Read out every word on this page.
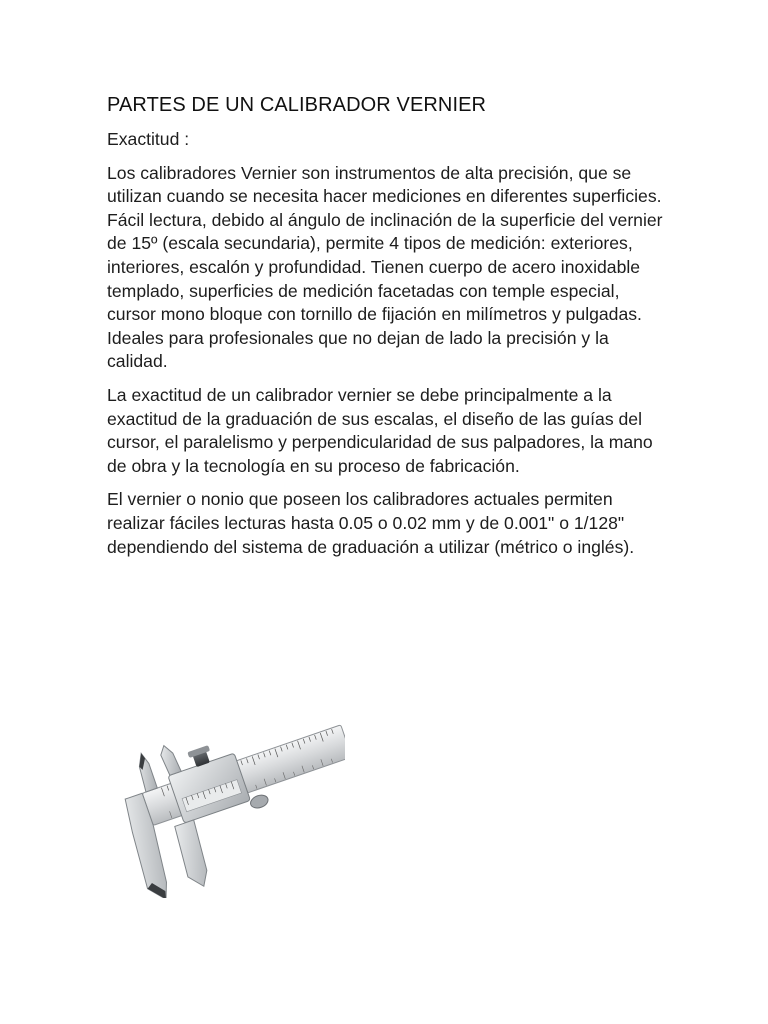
PARTES DE UN CALIBRADOR VERNIER

Exactitud :

Los calibradores Vernier son instrumentos de alta precisión, que se utilizan cuando se necesita hacer mediciones en diferentes superficies. Fácil lectura, debido al ángulo de inclinación de la superficie del vernier de 15º (escala secundaria), permite 4 tipos de medición: exteriores, interiores, escalón y profundidad. Tienen cuerpo de acero inoxidable templado, superficies de medición facetadas con temple especial, cursor mono bloque con tornillo de fijación en milímetros y pulgadas. Ideales para profesionales que no dejan de lado la precisión y la calidad.

La exactitud de un calibrador vernier se debe principalmente a la exactitud de la graduación de sus escalas, el diseño de las guías del cursor, el paralelismo y perpendicularidad de sus palpadores, la mano de obra y la tecnología en su proceso de fabricación.

El vernier o nonio que poseen los calibradores actuales permiten realizar fáciles lecturas hasta 0.05 o 0.02 mm y de 0.001" o 1/128" dependiendo del sistema de graduación a utilizar (métrico o inglés).
